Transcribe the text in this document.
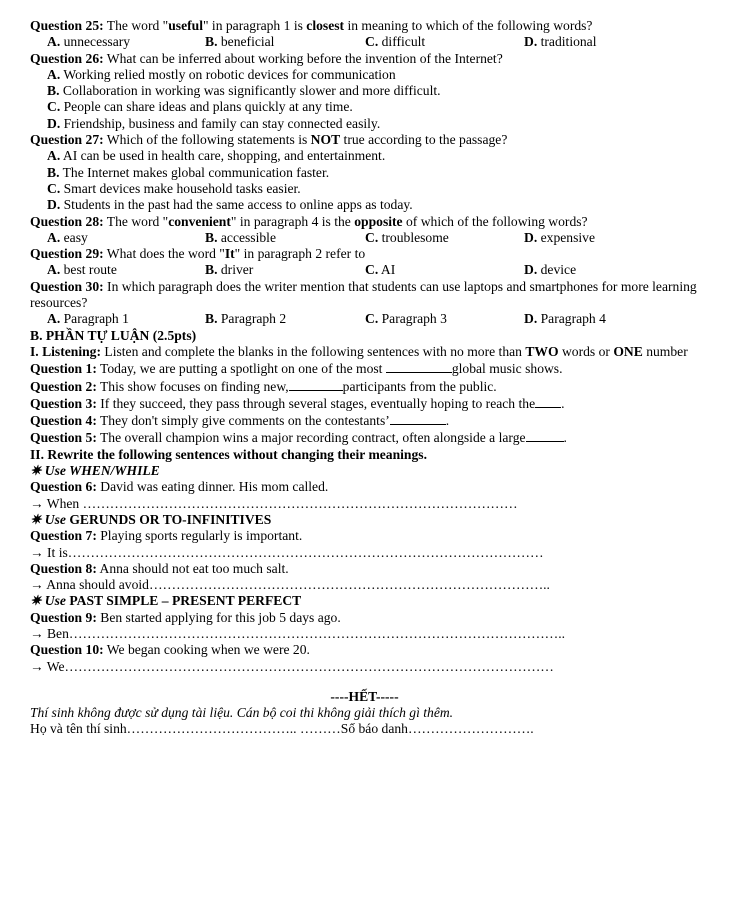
Question 25: The word "useful" in paragraph 1 is closest in meaning to which of the following words?
A. unnecessary	B. beneficial	C. difficult	D. traditional
Question 26: What can be inferred about working before the invention of the Internet?
A. Working relied mostly on robotic devices for communication
B. Collaboration in working was significantly slower and more difficult.
C. People can share ideas and plans quickly at any time.
D. Friendship, business and family can stay connected easily.
Question 27: Which of the following statements is NOT true according to the passage?
A. AI can be used in health care, shopping, and entertainment.
B. The Internet makes global communication faster.
C. Smart devices make household tasks easier.
D. Students in the past had the same access to online apps as today.
Question 28: The word "convenient" in paragraph 4 is the opposite of which of the following words?
A. easy	B. accessible	C. troublesome	D. expensive
Question 29: What does the word "It" in paragraph 2 refer to
A. best route	B. driver	C. AI	D. device
Question 30: In which paragraph does the writer mention that students can use laptops and smartphones for more learning resources?
A. Paragraph 1	B. Paragraph 2	C. Paragraph 3	D. Paragraph 4
B. PHẦN TỰ LUẬN (2.5pts)
I. Listening: Listen and complete the blanks in the following sentences with no more than TWO words or ONE number
Question 1: Today, we are putting a spotlight on one of the most	global music shows.
Question 2: This show focuses on finding new,	participants from the public.
Question 3: If they succeed, they pass through several stages, eventually hoping to reach the .
Question 4: They don't simply give comments on the contestants’	.
Question 5: The overall champion wins a major recording contract, often alongside a large	.
II. Rewrite the following sentences without changing their meanings.
✷ Use WHEN/WHILE
Question 6: David was eating dinner. His mom called.
→ When ……………………………………………………………………………………
✷ Use GERUNDS OR TO-INFINITIVES
Question 7: Playing sports regularly is important.
→ It is……………………………………………………………………………………………
Question 8: Anna should not eat too much salt.
→ Anna should avoid……………………………………………………………………………..
✷ Use PAST SIMPLE – PRESENT PERFECT
Question 9: Ben started applying for this job 5 days ago.
→ Ben………………………………………………………………………………………………..
Question 10: We began cooking when we were 20.
→ We………………………………………………………………………………………………
----HẾT-----
Thí sinh không được sử dụng tài liệu. Cán bộ coi thi không giải thích gì thêm.
Họ và tên thí sinh……………………………….. ………Số báo danh……………………….
